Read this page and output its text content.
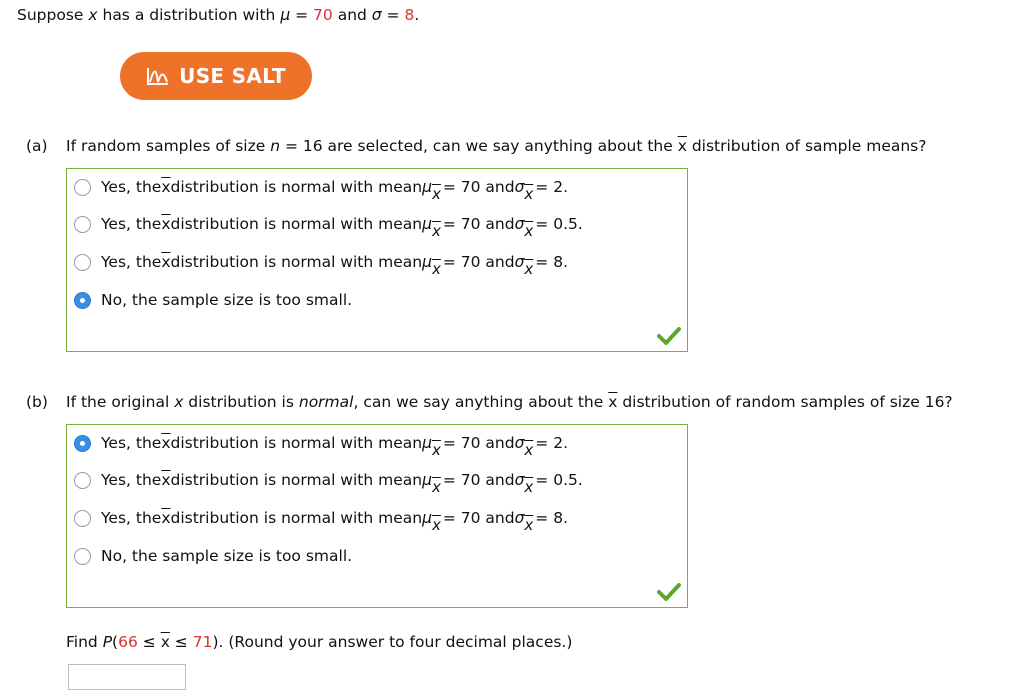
Suppose x has a distribution with μ = 70 and σ = 8.
USE SALT
(a) If random samples of size n = 16 are selected, can we say anything about the $\overline{x}$ distribution of sample means?
Yes, the $\overline{x}$ distribution is normal with mean μ $\overline{x} = 70$ and σ $\overline{x} = 2$.
Yes, the $\overline{x}$ distribution is normal with mean μ $\overline{x} = 70$ and σ $\overline{x} = 0.5$.
Yes, the $\overline{x}$ distribution is normal with mean μ $\overline{x} = 70$ and σ $\overline{x} = 8$.
No, the sample size is too small.
(b) If the original x distribution is normal, can we say anything about the $\overline{x}$ distribution of random samples of size 16?
Yes, the $\overline{x}$ distribution is normal with mean μ $\overline{x} = 70$ and σ $\overline{x} = 2$.
Yes, the $\overline{x}$ distribution is normal with mean μ $\overline{x} = 70$ and σ $\overline{x} = 0.5$.
Yes, the $\overline{x}$ distribution is normal with mean μ $\overline{x} = 70$ and σ $\overline{x} = 8$.
No, the sample size is too small.
Find $P(66 \le \overline{x} \le 71)$. (Round your answer to four decimal places.)
